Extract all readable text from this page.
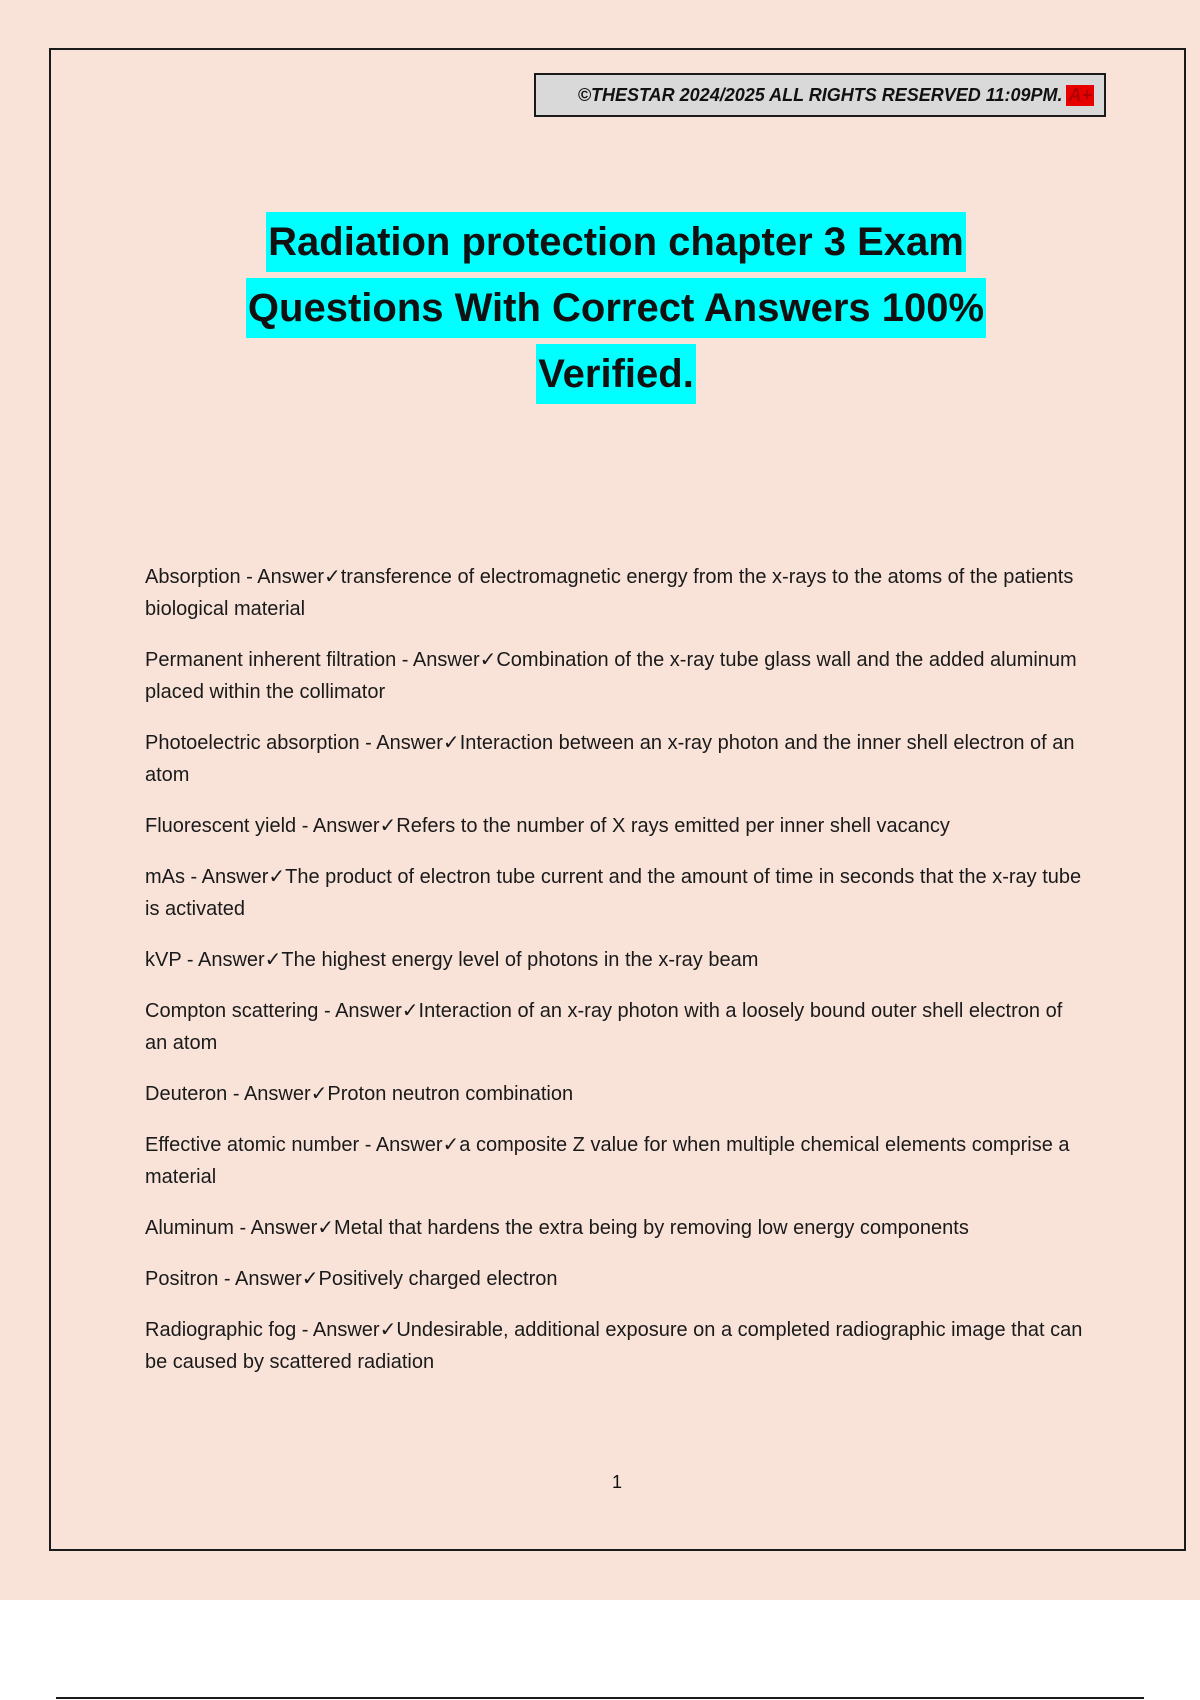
©THESTAR 2024/2025 ALL RIGHTS RESERVED 11:09PM. A+
Radiation protection chapter 3 Exam
Questions With Correct Answers 100%
Verified.

Absorption - Answer✓transference of electromagnetic energy from the x-rays to the atoms of the patients biological material

Permanent inherent filtration - Answer✓Combination of the x-ray tube glass wall and the added aluminum placed within the collimator

Photoelectric absorption - Answer✓Interaction between an x-ray photon and the inner shell electron of an atom

Fluorescent yield - Answer✓Refers to the number of X rays emitted per inner shell vacancy

mAs - Answer✓The product of electron tube current and the amount of time in seconds that the x-ray tube is activated

kVP - Answer✓The highest energy level of photons in the x-ray beam

Compton scattering - Answer✓Interaction of an x-ray photon with a loosely bound outer shell electron of an atom

Deuteron - Answer✓Proton neutron combination

Effective atomic number - Answer✓a composite Z value for when multiple chemical elements comprise a material

Aluminum - Answer✓Metal that hardens the extra being by removing low energy components

Positron - Answer✓Positively charged electron

Radiographic fog - Answer✓Undesirable, additional exposure on a completed radiographic image that can be caused by scattered radiation

1
